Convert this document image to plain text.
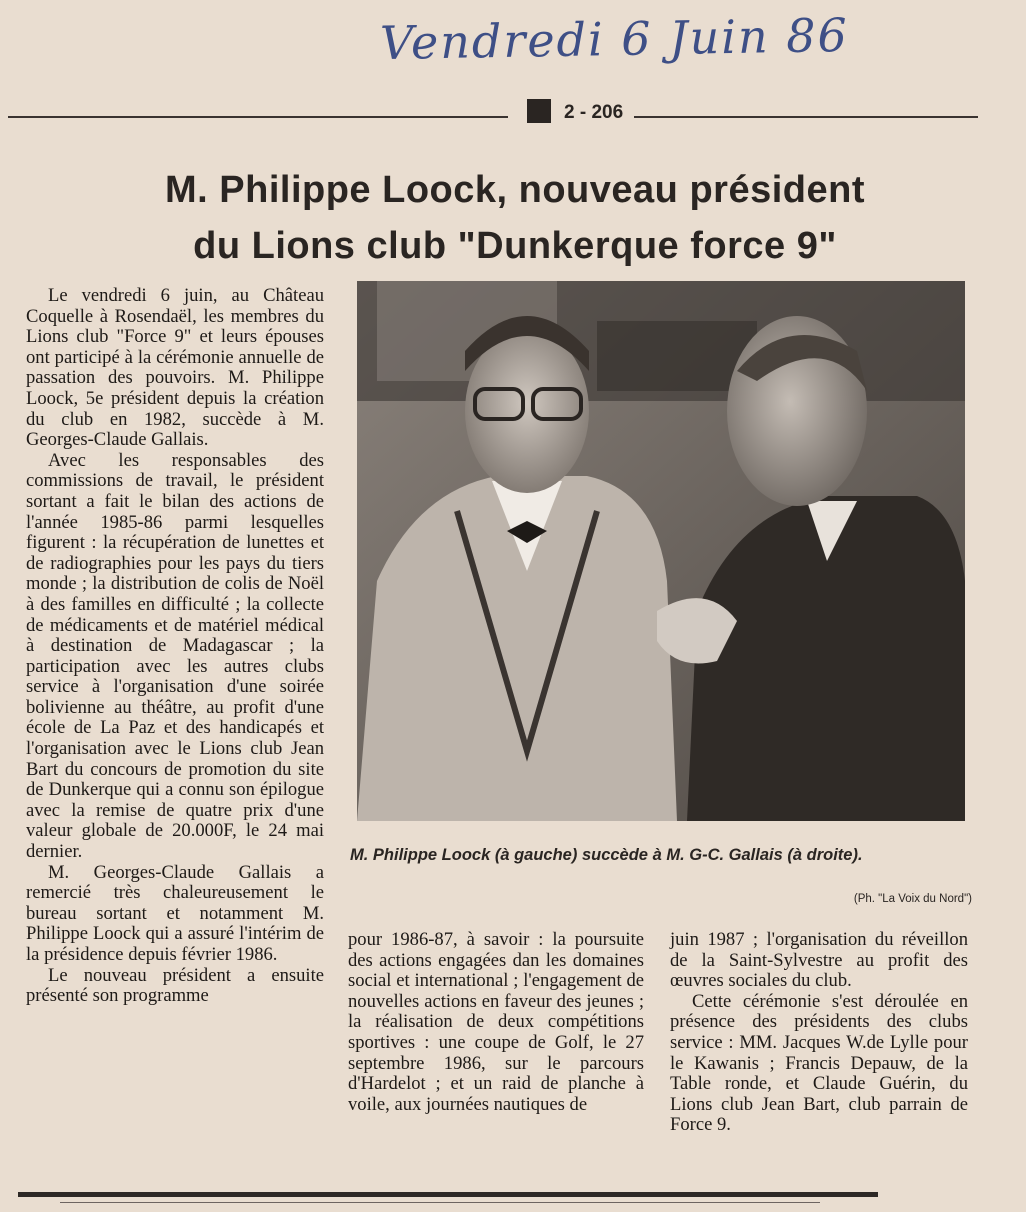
Vendredi 6 Juin 86
2 - 206
M. Philippe Loock, nouveau président
du Lions club "Dunkerque force 9"

Le vendredi 6 juin, au Château Coquelle à Rosendaël, les membres du Lions club "Force 9" et leurs épouses ont participé à la cérémonie annuelle de passation des pouvoirs. M. Philippe Loock, 5e président depuis la création du club en 1982, succède à M. Georges-Claude Gallais.

Avec les responsables des commissions de travail, le président sortant a fait le bilan des actions de l'année 1985-86 parmi lesquelles figurent : la récupération de lunettes et de radiographies pour les pays du tiers monde ; la distribution de colis de Noël à des familles en difficulté ; la collecte de médicaments et de matériel médical à destination de Madagascar ; la participation avec les autres clubs service à l'organisation d'une soirée bolivienne au théâtre, au profit d'une école de La Paz et des handicapés et l'organisation avec le Lions club Jean Bart du concours de promotion du site de Dunkerque qui a connu son épilogue avec la remise de quatre prix d'une valeur globale de 20.000F, le 24 mai dernier.

M. Georges-Claude Gallais a remercié très chaleureusement le bureau sortant et notamment M. Philippe Loock qui a assuré l'intérim de la présidence depuis février 1986.

Le nouveau président a ensuite présenté son programme

M. Philippe Loock (à gauche) succède à M. G-C. Gallais (à droite).
(Ph. "La Voix du Nord")

pour 1986-87, à savoir : la poursuite des actions engagées dan les domaines social et international ; l'engagement de nouvelles actions en faveur des jeunes ; la réalisation de deux compétitions sportives : une coupe de Golf, le 27 septembre 1986, sur le parcours d'Hardelot ; et un raid de planche à voile, aux journées nautiques de

juin 1987 ; l'organisation du réveillon de la Saint-Sylvestre au profit des œuvres sociales du club.

Cette cérémonie s'est déroulée en présence des présidents des clubs service : MM. Jacques W.de Lylle pour le Kawanis ; Francis Depauw, de la Table ronde, et Claude Guérin, du Lions club Jean Bart, club parrain de Force 9.
